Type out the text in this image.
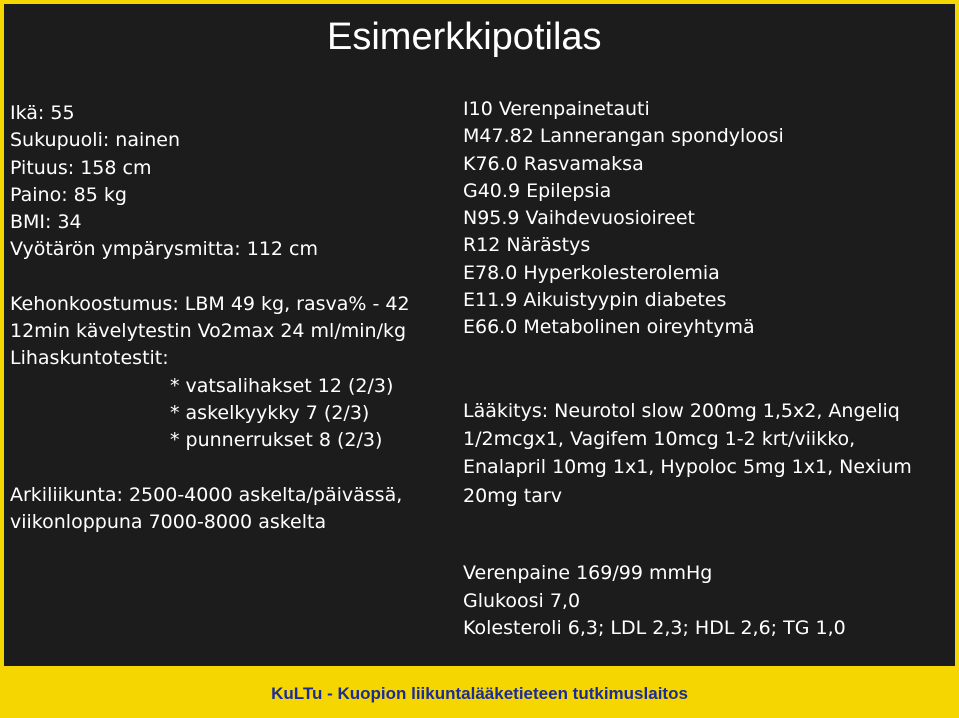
Esimerkkipotilas
Ikä: 55
Sukupuoli: nainen
Pituus: 158 cm
Paino: 85 kg
BMI: 34
Vyötärön ympärysmitta: 112 cm
Kehonkoostumus: LBM 49 kg, rasva% - 42
12min kävelytestin Vo2max 24 ml/min/kg
Lihaskuntotestit:
* vatsalihakset 12 (2/3)
* askelkyykky 7 (2/3)
* punnerrukset 8 (2/3)
Arkiliikunta: 2500-4000 askelta/päivässä,
viikonloppuna 7000-8000 askelta
I10 Verenpainetauti
M47.82 Lannerangan spondyloosi
K76.0 Rasvamaksa
G40.9 Epilepsia
N95.9 Vaihdevuosioireet
R12 Närästys
E78.0 Hyperkolesterolemia
E11.9 Aikuistyypin diabetes
E66.0 Metabolinen oireyhtymä
Lääkitys: Neurotol slow 200mg 1,5x2, Angeliq
1/2mcgx1, Vagifem 10mcg 1-2 krt/viikko,
Enalapril 10mg 1x1, Hypoloc 5mg 1x1, Nexium
20mg tarv
Verenpaine 169/99 mmHg
Glukoosi 7,0
Kolesteroli 6,3; LDL 2,3; HDL 2,6; TG 1,0
KuLTu - Kuopion liikuntalääketieteen tutkimuslaitos
